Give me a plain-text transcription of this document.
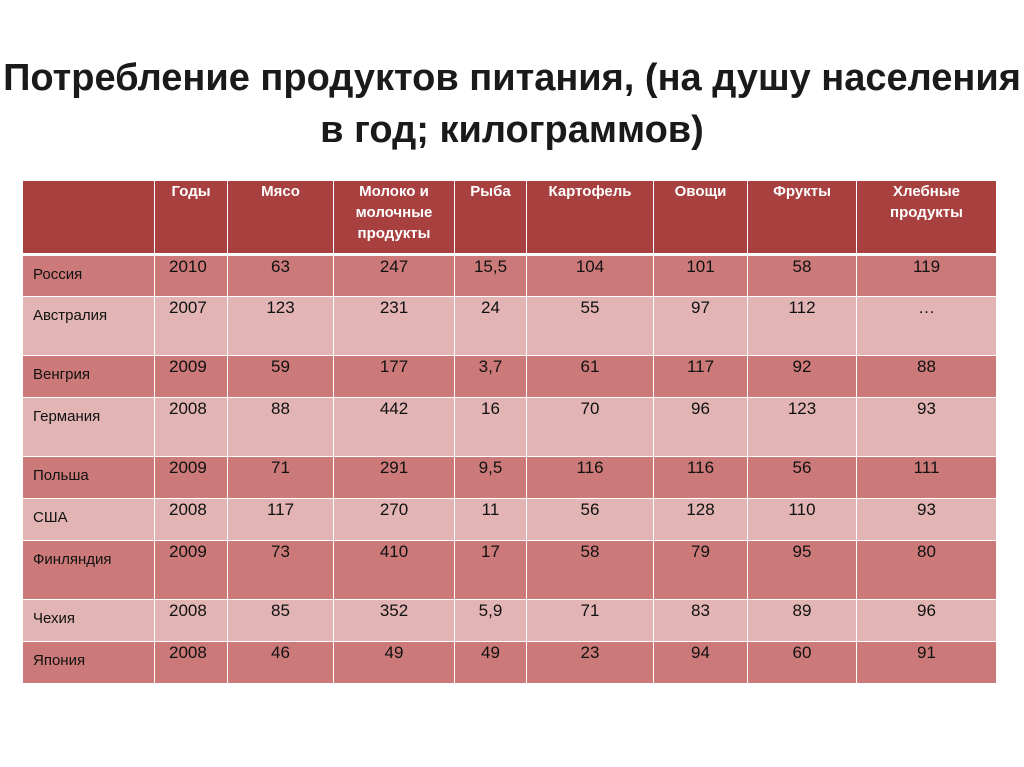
Потребление продуктов питания, (на душу населения в год; килограммов)
	Годы	Мясо	Молоко и молочные продукты	Рыба	Картофель	Овощи	Фрукты	Хлебные продукты
Россия	2010	63	247	15,5	104	101	58	119
Австралия	2007	123	231	24	55	97	112	…
Венгрия	2009	59	177	3,7	61	117	92	88
Германия	2008	88	442	16	70	96	123	93
Польша	2009	71	291	9,5	116	116	56	111
США	2008	117	270	11	56	128	110	93
Финляндия	2009	73	410	17	58	79	95	80
Чехия	2008	85	352	5,9	71	83	89	96
Япония	2008	46	49	49	23	94	60	91
